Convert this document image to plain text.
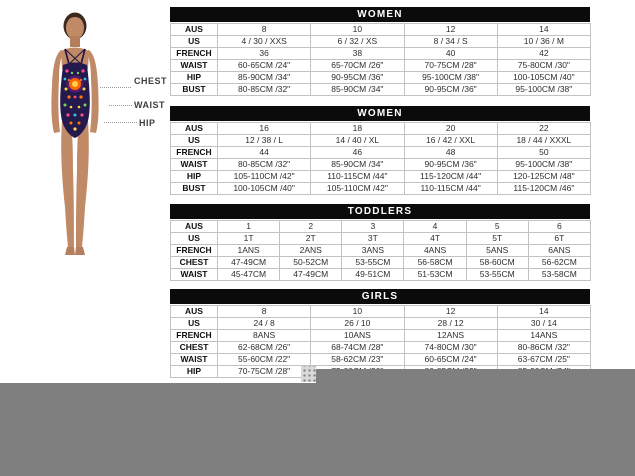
CHEST
WAIST
HIP
WOMEN
AUS	8	10	12	14
US	4 / 30 / XXS	6 / 32 / XS	8 / 34 / S	10 / 36 / M
FRENCH	36	38	40	42
WAIST	60-65CM /24"	65-70CM /26"	70-75CM /28"	75-80CM /30"
HIP	85-90CM /34"	90-95CM /36"	95-100CM /38"	100-105CM /40"
BUST	80-85CM /32"	85-90CM /34"	90-95CM /36"	95-100CM /38"
WOMEN
AUS	16	18	20	22
US	12 / 38 / L	14 / 40 / XL	16 / 42 / XXL	18 / 44 / XXXL
FRENCH	44	46	48	50
WAIST	80-85CM /32"	85-90CM /34"	90-95CM /36"	95-100CM /38"
HIP	105-110CM /42"	110-115CM /44"	115-120CM /44"	120-125CM /48"
BUST	100-105CM /40"	105-110CM /42"	110-115CM /44"	115-120CM /46"
TODDLERS
AUS	1	2	3	4	5	6
US	1T	2T	3T	4T	5T	6T
FRENCH	1ANS	2ANS	3ANS	4ANS	5ANS	6ANS
CHEST	47-49CM	50-52CM	53-55CM	56-58CM	58-60CM	56-62CM
WAIST	45-47CM	47-49CM	49-51CM	51-53CM	53-55CM	53-58CM
GIRLS
AUS	8	10	12	14
US	24 / 8	26 / 10	28 / 12	30 / 14
FRENCH	8ANS	10ANS	12ANS	14ANS
CHEST	62-68CM /26"	68-74CM /28"	74-80CM /30"	80-86CM /32"
WAIST	55-60CM /22"	58-62CM /23"	60-65CM /24"	63-67CM /25"
HIP	70-75CM /28"			
